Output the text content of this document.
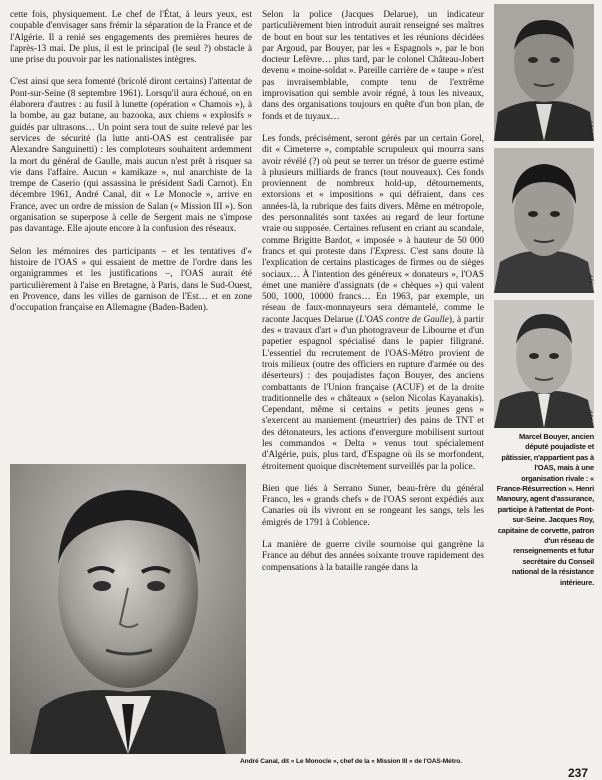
cette fois, physiquement. Le chef de l'État, à leurs yeux, est coupable d'envisager sans frémir la séparation de la France et de l'Algérie. Il a renié ses engagements des premières heures de l'après-13 mai. De plus, il est le principal (le seul ?) obstacle à une prise du pouvoir par les nationalistes intègres.

C'est ainsi que sera fomenté (bricolé diront certains) l'attentat de Pont-sur-Seine (8 septembre 1961). Lorsqu'il aura échoué, on en élaborera d'autres : au fusil à lunette (opération « Chamois »), à la bombe, au gaz butane, au bazooka, aux chiens « explosifs » guidés par ultrasons… Un point sera tout de suite relevé par les services de sécurité (la lutte anti-OAS est centralisée par Alexandre Sanguinetti) : les comploteurs souhaitent ardemment la mort du général de Gaulle, mais aucun n'est prêt à risquer sa vie dans l'affaire. Aucun « kamikaze », nul anarchiste de la trempe de Caserio (qui assassina le président Sadi Carnot). En décembre 1961, André Canal, dit « Le Monocle », arrive en France, avec un ordre de mission de Salan (« Mission III »). Son organisation se superpose à celle de Sergent mais ne s'impose pas davantage. Elle ajoute encore à la confusion des réseaux.

Selon les mémoires des participants – et les tentatives d'« histoire de l'OAS » qui essaient de mettre de l'ordre dans les organigrammes et les justifications –, l'OAS aurait été particulièrement à l'aise en Bretagne, à Paris, dans le Sud-Ouest, en Provence, dans les villes de garnison de l'Est… et en zone d'occupation française en Allemagne (Baden-Baden).

Selon la police (Jacques Delarue), un indicateur particulièrement bien introduit aurait renseigné ses maîtres de bout en bout sur les tentatives et les réunions décidées par Argoud, par Bouyer, par les « Espagnols », par le bon docteur Lefèvre… plus tard, par le colonel Château-Jobert devenu « moine-soldat ». Pareille carrière de « taupe » n'est pas invraisemblable, compte tenu de l'extrême improvisation qui semble avoir régné, à tous les niveaux, dans des organisations toujours en quête d'un bon plan, de fonds et de tuyaux…

Les fonds, précisément, seront gérés par un certain Gorel, dit « Cimeterre », comptable scrupuleux qui mourra sans avoir révélé (?) où peut se terrer un trésor de guerre estimé à plusieurs milliards de francs (tout nouveaux). Ces fonds proviennent de nombreux hold-up, détournements, extorsions et « impositions » qui défraient, dans ces années-là, la rubrique des faits divers. Même en métropole, des personnalités sont taxées au regard de leur fortune vraie ou supposée. Certaines refusent en criant au scandale, comme Brigitte Bardot, « imposée » à hauteur de 50 000 francs et qui proteste dans l'Express. C'est sans doute là l'explication de certains plasticages de firmes ou de sièges sociaux… À l'intention des généreux « donateurs », l'OAS émet une manière d'assignats (de « chèques ») qui valent 500, 1000, 10000 francs… En 1963, par exemple, un réseau de faux-monnayeurs sera démantelé, comme le raconte Jacques Delarue (L'OAS contre de Gaulle), à partir des « travaux d'art » d'un photograveur de Libourne et d'un papetier espagnol spécialisé dans le papier filigrané. L'essentiel du recrutement de l'OAS-Métro provient de trois milieux (outre des officiers en rupture d'armée ou des déserteurs) : des poujadistes façon Bouyer, des anciens combattants de l'Union française (ACUF) et de la droite traditionnelle des « châteaux » (selon Nicolas Kayanakis). Cependant, même si certains « petits jeunes gens » s'exercent au maniement (meurtrier) des pains de TNT et des détonateurs, les actions d'envergure mobilisent surtout les commandos « Delta » venus tout spécialement d'Algérie, puis, plus tard, d'Espagne où ils se morfondent, étroitement quoique discrètement surveillés par la police.

Bien que liés à Serrano Suner, beau-frère du général Franco, les « grands chefs » de l'OAS seront expédiés aux Canaries où ils vivront en se rongeant les sangs, tels les émigrés de 1791 à Coblence.

La manière de guerre civile sournoise qui gangrène la France au début des années soixante trouve rapidement des compensations à la bataille rangée dans la

AFP
AFP
AFP
Marcel Bouyer, ancien député poujadiste et pâtissier, n'appartient pas à l'OAS, mais à une organisation rivale : « France-Résurrection ». Henri Manoury, agent d'assurance, participe à l'attentat de Pont-sur-Seine. Jacques Roy, capitaine de corvette, patron d'un réseau de renseignements et futur secrétaire du Conseil national de la résistance intérieure.
André Canal, dit « Le Monocle », chef de la « Mission III » de l'OAS-Métro.
237
